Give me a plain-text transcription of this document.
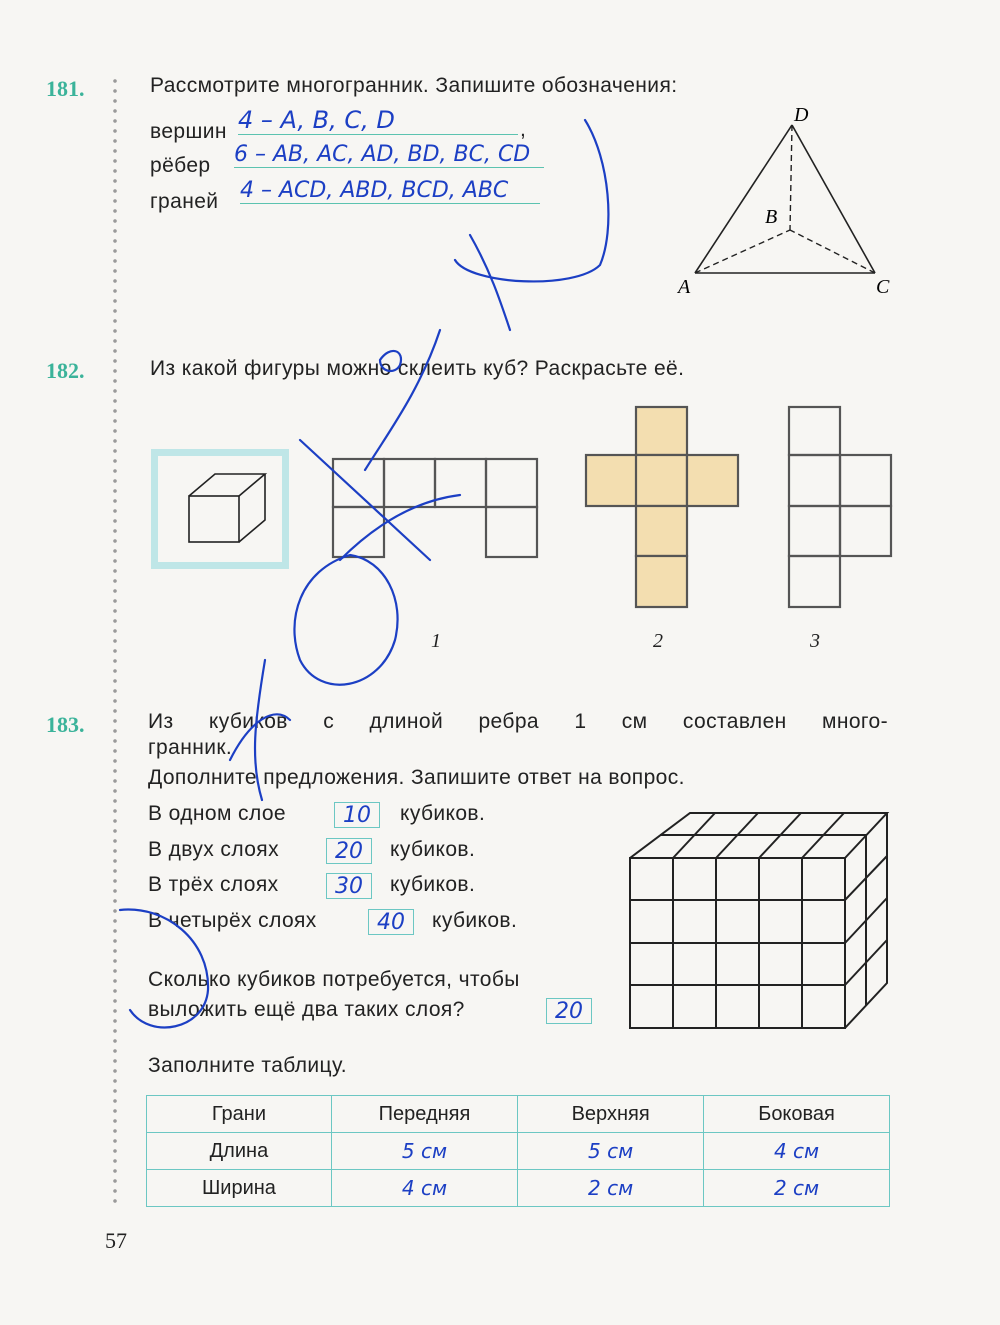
181.	Рассмотрите многогранник. Запишите обозначения:
вершин 4 – A, B, C, D	,
рёбер 6 – AB, AC, AD, BD, BC, CD
граней 4 – ACD, ABD, BCD, ABC
D
B
A	C
182.	Из какой фигуры можно склеить куб? Раскрасьте её.
1	2	3
183.	Из кубиков с длиной ребра 1 см составлен много-
гранник.
Дополните предложения. Запишите ответ на вопрос.
В одном слое	10 кубиков.
В двух слоях	20 кубиков.
В трёх слоях	30 кубиков.
В четырёх слоях	40 кубиков.
Сколько кубиков потребуется, чтобы
выложить ещё два таких слоя?	20
Заполните таблицу.
Грани	Передняя	Верхняя	Боковая
Длина	5 см	5 см	4 см
Ширина	4 см	2 см	2 см
57
